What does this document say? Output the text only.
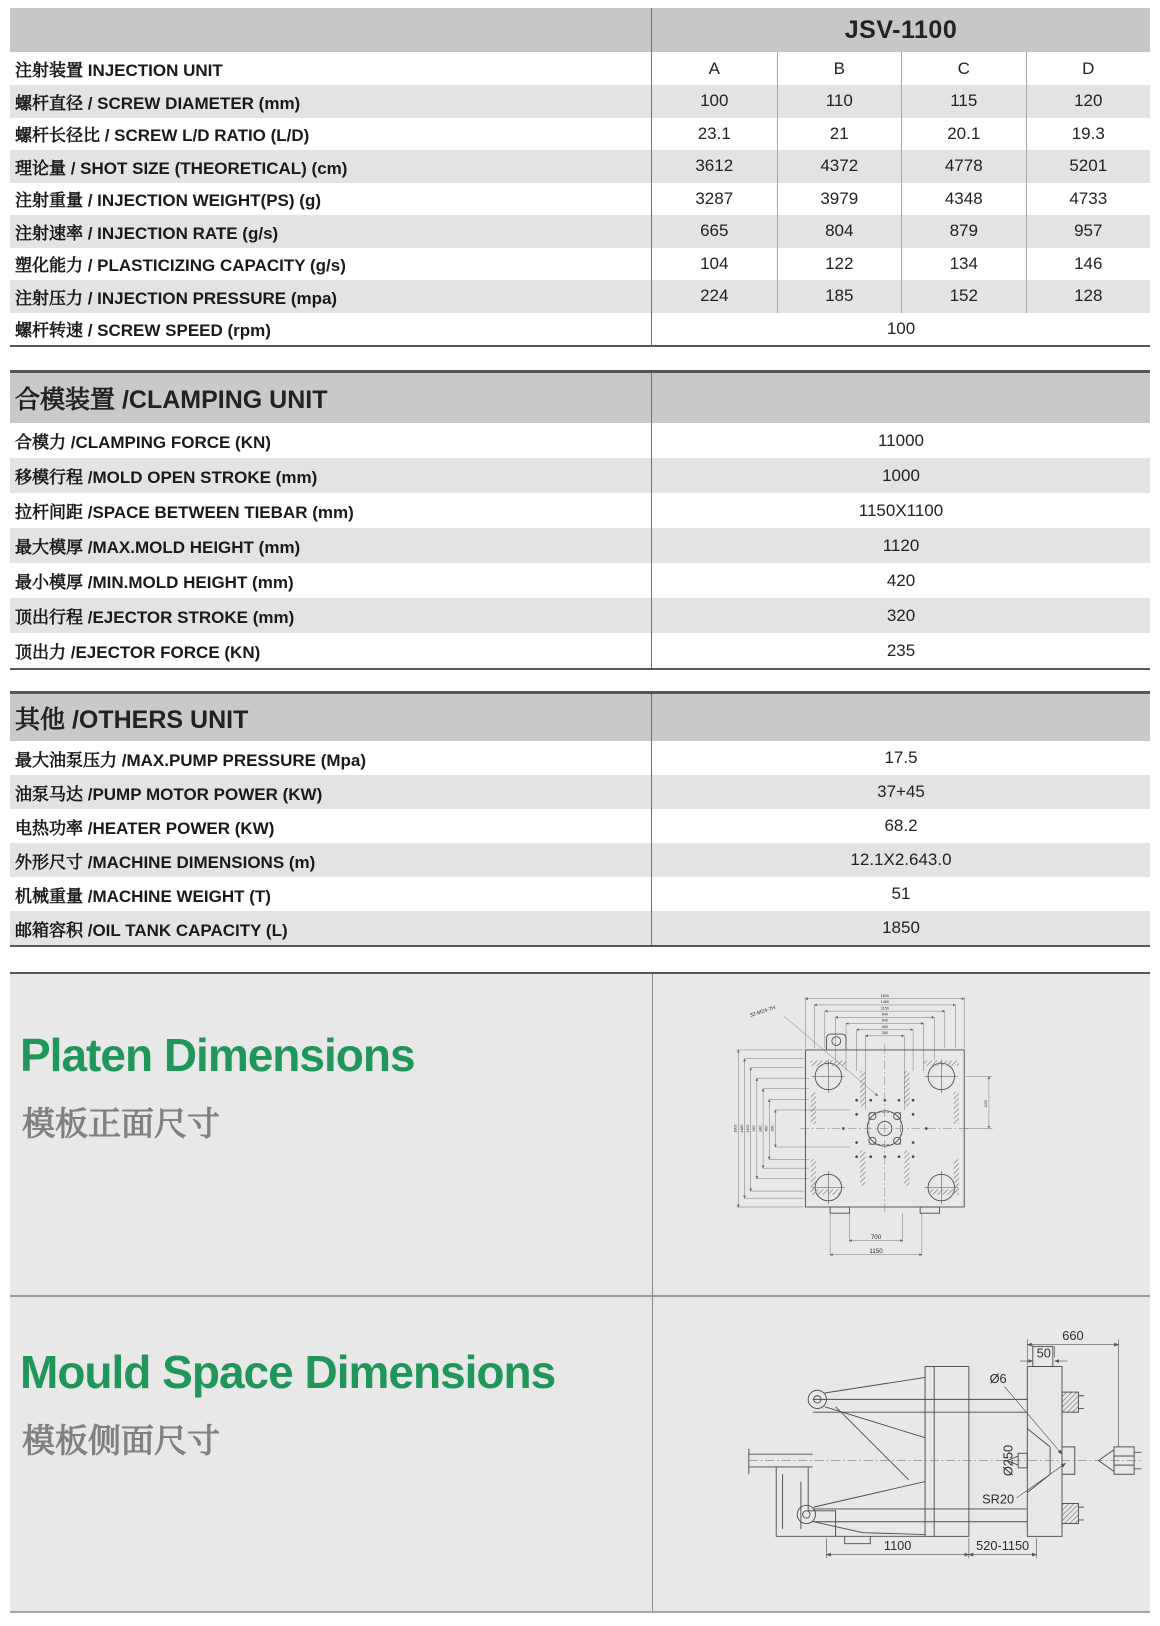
JSV-1100
注射装置 INJECTION UNIT	A	B	C	D
螺杆直径 / SCREW DIAMETER (mm)	100	110	115	120
螺杆长径比 / SCREW L/D RATIO (L/D)	23.1	21	20.1	19.3
理论量 / SHOT SIZE (THEORETICAL) (cm)	3612	4372	4778	5201
注射重量 / INJECTION WEIGHT(PS) (g)	3287	3979	4348	4733
注射速率 / INJECTION RATE (g/s)	665	804	879	957
塑化能力 / PLASTICIZING CAPACITY (g/s)	104	122	134	146
注射压力 / INJECTION PRESSURE (mpa)	224	185	152	128
螺杆转速 / SCREW SPEED (rpm)	100
合模装置 /CLAMPING UNIT
合模力 /CLAMPING FORCE (KN)	11000
移模行程 /MOLD OPEN STROKE (mm)	1000
拉杆间距 /SPACE BETWEEN TIEBAR (mm)	1150X1100
最大模厚 /MAX.MOLD HEIGHT (mm)	1120
最小模厚 /MIN.MOLD HEIGHT (mm)	420
顶出行程 /EJECTOR STROKE (mm)	320
顶出力 /EJECTOR FORCE (KN)	235
其他 /OTHERS UNIT
最大油泵压力 /MAX.PUMP PRESSURE (Mpa)	17.5
油泵马达 /PUMP MOTOR POWER (KW)	37+45
电热功率 /HEATER POWER (KW)	68.2
外形尺寸 /MACHINE DIMENSIONS (m)	12.1X2.643.0
机械重量 /MACHINE WEIGHT (T)	51
邮箱容积 /OIL TANK CAPACITY (L)	1850
Platen Dimensions
模板正面尺寸
1600
1480
1150
940
840
460
280
1600 1480 1100 940 840 460 280
1100
700
1150
32-M24-7H
Mould Space Dimensions
模板侧面尺寸
660
50
Ø6
Ø250
SR20
1100	520-1150
